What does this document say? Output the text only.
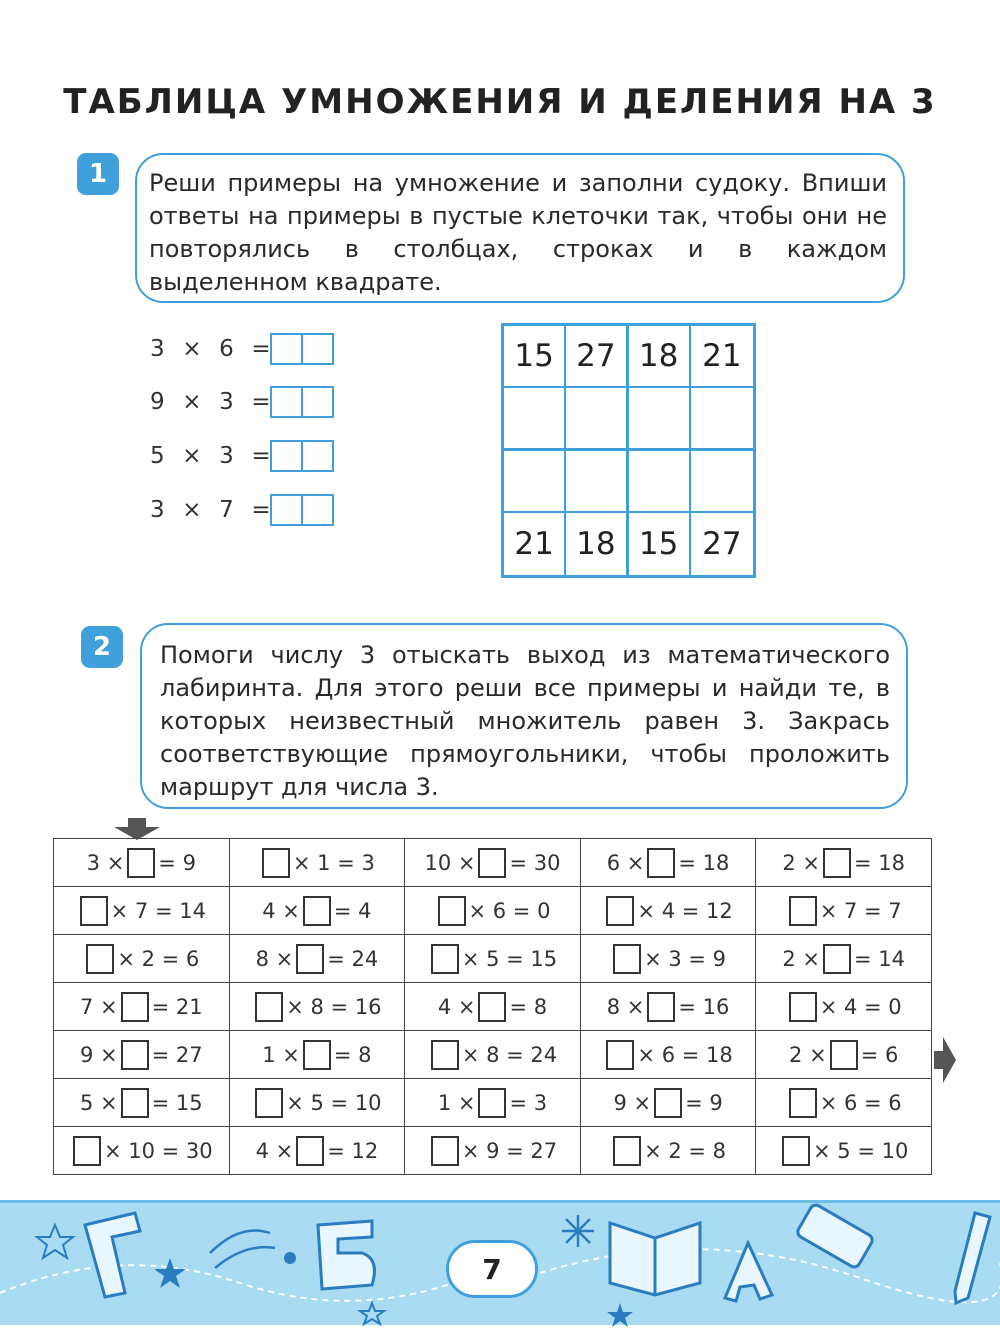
ТАБЛИЦА УМНОЖЕНИЯ И ДЕЛЕНИЯ НА 3
1	Реши примеры на умножение и заполни судоку. Впиши ответы на примеры в пустые клеточки так, чтобы они не повторялись в столбцах, строках и в каждом выделенном квадрате.

3  ×  6  =
9  ×  3  =
5  ×  3  =
3  ×  7  =
15 27 18 21
21 18 15 27
2	Помоги числу 3 отыскать выход из математического лабиринта. Для этого реши все примеры и найди те, в которых неизвестный множитель равен 3. Закрась соответствующие прямоугольники, чтобы проложить маршрут для числа 3.

3 × = 9	× 1 = 3	10 × = 30	6 × = 18	2 × = 18
× 7 = 14	4 × = 4	× 6 = 0	× 4 = 12	× 7 = 7
× 2 = 6	8 × = 24	× 5 = 15	× 3 = 9	2 × = 14
7 × = 21	× 8 = 16	4 × = 8	8 × = 16	× 4 = 0
9 × = 27	1 × = 8	× 8 = 24	× 6 = 18	2 × = 6
5 × = 15	× 5 = 10	1 × = 3	9 × = 9	× 6 = 6
× 10 = 30	4 × = 12	× 9 = 27	× 2 = 8	× 5 = 10
7
